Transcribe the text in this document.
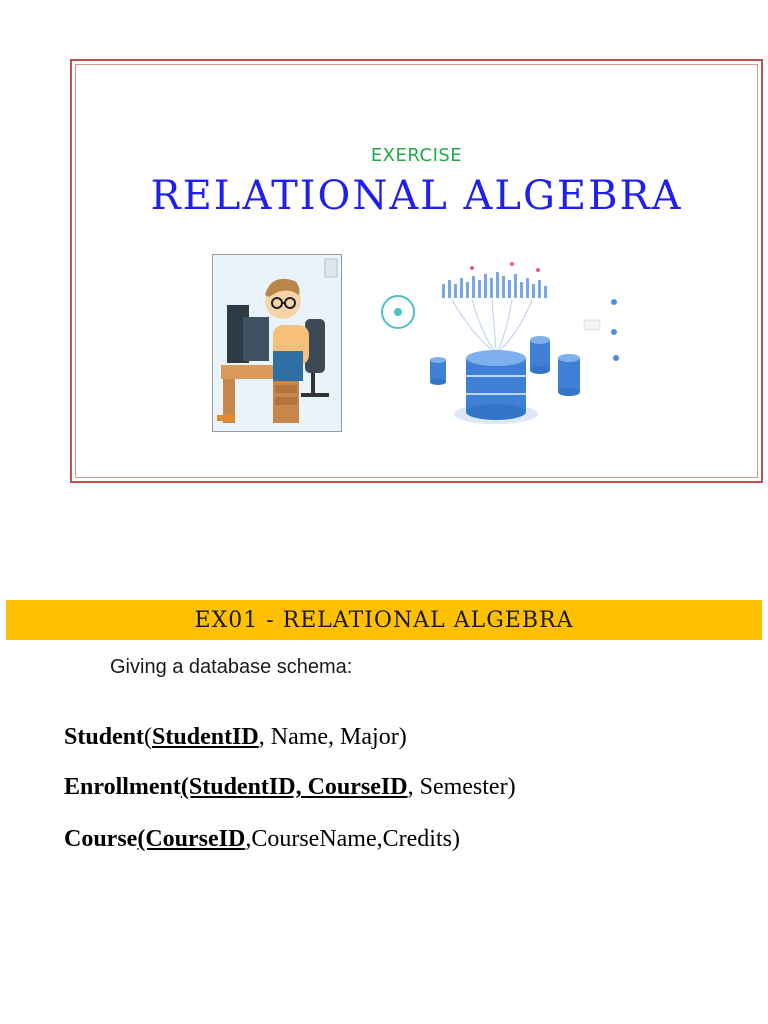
EXERCISE
RELATIONAL ALGEBRA
EX01 - RELATIONAL ALGEBRA
Giving a database schema:
Student(StudentID, Name, Major)
Enrollment(StudentID, CourseID, Semester)
Course(CourseID,CourseName,Credits)
